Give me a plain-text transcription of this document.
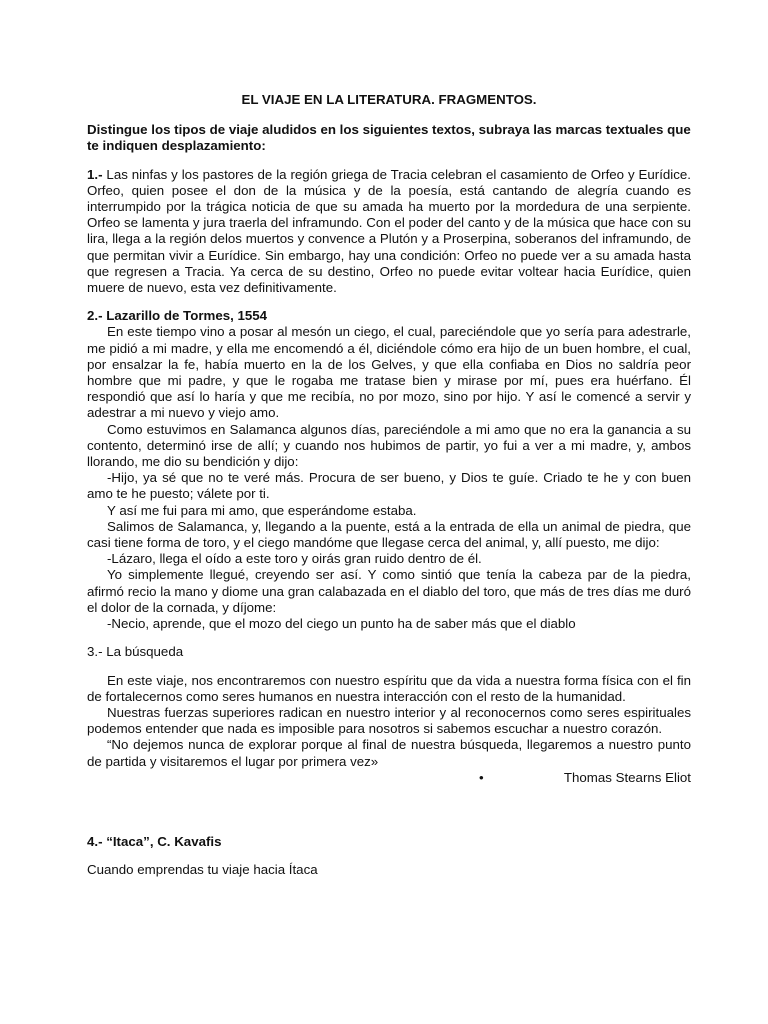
EL VIAJE EN LA LITERATURA. FRAGMENTOS.

Distingue los tipos de viaje aludidos en los siguientes textos, subraya las marcas textuales que te indiquen desplazamiento:

1.- Las ninfas y los pastores de la región griega de Tracia celebran el casamiento de Orfeo y Eurídice. Orfeo, quien posee el don de la música y de la poesía, está cantando de alegría cuando es interrumpido por la trágica noticia de que su amada ha muerto por la mordedura de una serpiente. Orfeo se lamenta y jura traerla del inframundo. Con el poder del canto y de la música que hace con su lira, llega a la región delos muertos y convence a Plutón y a Proserpina, soberanos del inframundo, de que permitan vivir a Eurídice. Sin embargo, hay una condición: Orfeo no puede ver a su amada hasta que regresen a Tracia. Ya cerca de su destino, Orfeo no puede evitar voltear hacia Eurídice, quien muere de nuevo, esta vez definitivamente.

2.- Lazarillo de Tormes, 1554

En este tiempo vino a posar al mesón un ciego, el cual, pareciéndole que yo sería para adestrarle, me pidió a mi madre, y ella me encomendó a él, diciéndole cómo era hijo de un buen hombre, el cual, por ensalzar la fe, había muerto en la de los Gelves, y que ella confiaba en Dios no saldría peor hombre que mi padre, y que le rogaba me tratase bien y mirase por mí, pues era huérfano. Él respondió que así lo haría y que me recibía, no por mozo, sino por hijo. Y así le comencé a servir y adestrar a mi nuevo y viejo amo.

Como estuvimos en Salamanca algunos días, pareciéndole a mi amo que no era la ganancia a su contento, determinó irse de allí; y cuando nos hubimos de partir, yo fui a ver a mi madre, y, ambos llorando, me dio su bendición y dijo:

-Hijo, ya sé que no te veré más. Procura de ser bueno, y Dios te guíe. Criado te he y con buen amo te he puesto; válete por ti.

Y así me fui para mi amo, que esperándome estaba.

Salimos de Salamanca, y, llegando a la puente, está a la entrada de ella un animal de piedra, que casi tiene forma de toro, y el ciego mandóme que llegase cerca del animal, y, allí puesto, me dijo:

-Lázaro, llega el oído a este toro y oirás gran ruido dentro de él.

Yo simplemente llegué, creyendo ser así. Y como sintió que tenía la cabeza par de la piedra, afirmó recio la mano y diome una gran calabazada en el diablo del toro, que más de tres días me duró el dolor de la cornada, y díjome:

-Necio, aprende, que el mozo del ciego un punto ha de saber más que el diablo

3.- La búsqueda

En este viaje, nos encontraremos con nuestro espíritu que da vida a nuestra forma física con el fin de fortalecernos como seres humanos en nuestra interacción con el resto de la humanidad.

Nuestras fuerzas superiores radican en nuestro interior y al reconocernos como seres espirituales podemos entender que nada es imposible para nosotros si sabemos escuchar a nuestro corazón.

“No dejemos nunca de explorar porque al final de nuestra búsqueda, llegaremos a nuestro punto de partida y visitaremos el lugar por primera vez»

•	Thomas Stearns Eliot

4.- “Itaca”, C. Kavafis

Cuando emprendas tu viaje hacia Ítaca
